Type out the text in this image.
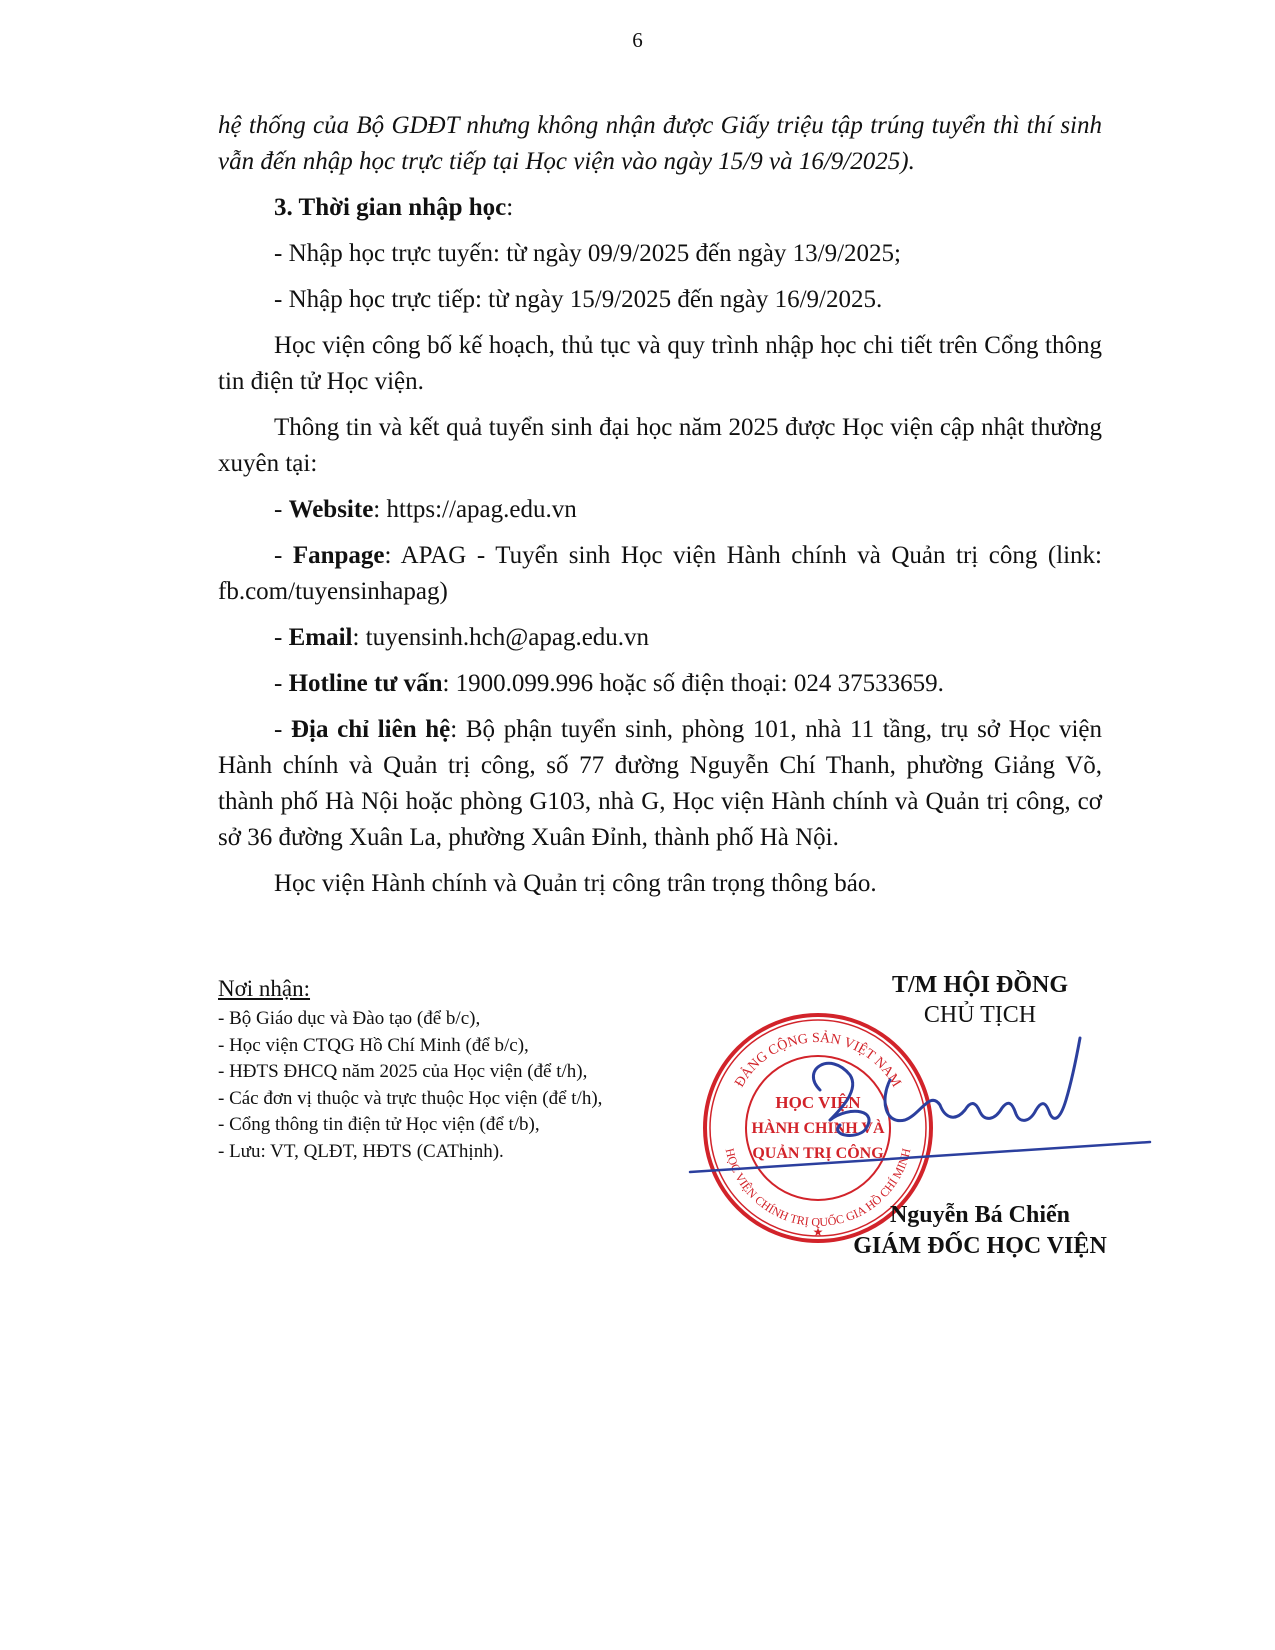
6

hệ thống của Bộ GDĐT nhưng không nhận được Giấy triệu tập trúng tuyển thì thí sinh vẫn đến nhập học trực tiếp tại Học viện vào ngày 15/9 và 16/9/2025).

3. Thời gian nhập học:

- Nhập học trực tuyến: từ ngày 09/9/2025 đến ngày 13/9/2025;

- Nhập học trực tiếp: từ ngày 15/9/2025 đến ngày 16/9/2025.

Học viện công bố kế hoạch, thủ tục và quy trình nhập học chi tiết trên Cổng thông tin điện tử Học viện.

Thông tin và kết quả tuyển sinh đại học năm 2025 được Học viện cập nhật thường xuyên tại:

- Website: https://apag.edu.vn

- Fanpage: APAG - Tuyển sinh Học viện Hành chính và Quản trị công (link: fb.com/tuyensinhapag)

- Email: tuyensinh.hch@apag.edu.vn

- Hotline tư vấn: 1900.099.996 hoặc số điện thoại: 024 37533659.

- Địa chỉ liên hệ: Bộ phận tuyển sinh, phòng 101, nhà 11 tầng, trụ sở Học viện Hành chính và Quản trị công, số 77 đường Nguyễn Chí Thanh, phường Giảng Võ, thành phố Hà Nội hoặc phòng G103, nhà G, Học viện Hành chính và Quản trị công, cơ sở 36 đường Xuân La, phường Xuân Đỉnh, thành phố Hà Nội.

Học viện Hành chính và Quản trị công trân trọng thông báo.

Nơi nhận:
- Bộ Giáo dục và Đào tạo (để b/c),
- Học viện CTQG Hồ Chí Minh (để b/c),
- HĐTS ĐHCQ năm 2025 của Học viện (để t/h),
- Các đơn vị thuộc và trực thuộc Học viện (để t/h),
- Cổng thông tin điện tử Học viện (để t/b),
- Lưu: VT, QLĐT, HĐTS (CAThịnh).
T/M HỘI ĐỒNG
CHỦ TỊCH
ĐẢNG CỘNG SẢN VIỆT NAM
HỌC VIỆN CHÍNH TRỊ QUỐC GIA HỒ CHÍ MINH
HỌC VIỆN
HÀNH CHÍNH VÀ
QUẢN TRỊ CÔNG
★
Nguyễn Bá Chiến
GIÁM ĐỐC HỌC VIỆN
